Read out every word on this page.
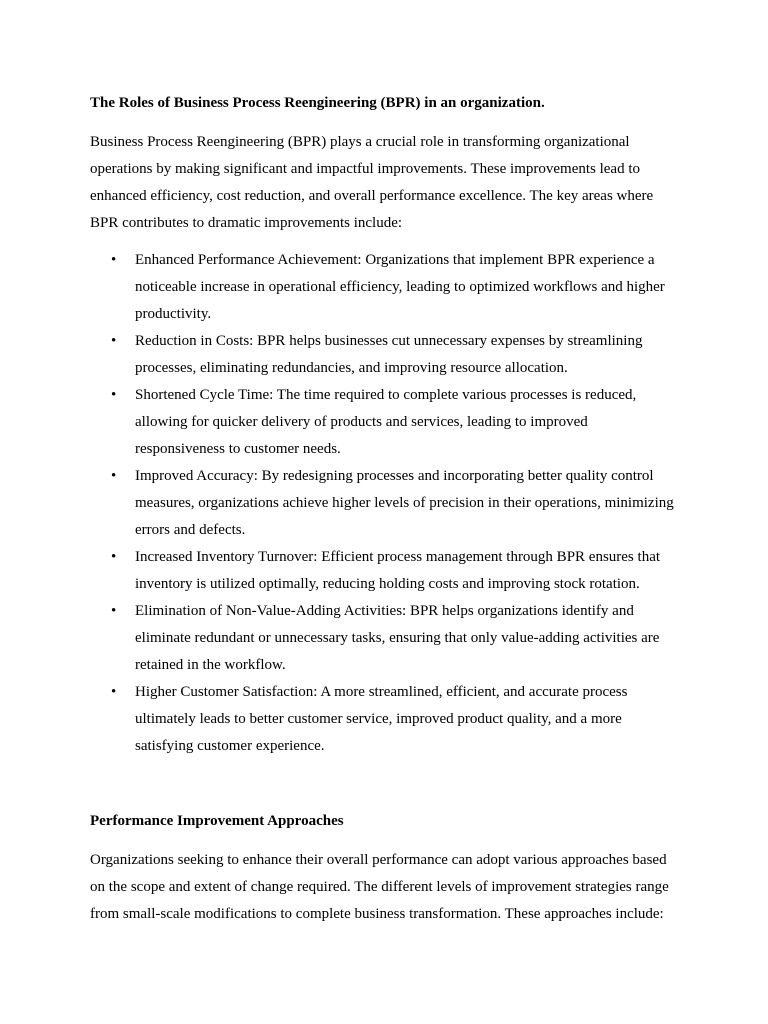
The Roles of Business Process Reengineering (BPR) in an organization.

Business Process Reengineering (BPR) plays a crucial role in transforming organizational operations by making significant and impactful improvements. These improvements lead to enhanced efficiency, cost reduction, and overall performance excellence. The key areas where BPR contributes to dramatic improvements include:

• Enhanced Performance Achievement: Organizations that implement BPR experience a noticeable increase in operational efficiency, leading to optimized workflows and higher productivity.
• Reduction in Costs: BPR helps businesses cut unnecessary expenses by streamlining processes, eliminating redundancies, and improving resource allocation.
• Shortened Cycle Time: The time required to complete various processes is reduced, allowing for quicker delivery of products and services, leading to improved responsiveness to customer needs.
• Improved Accuracy: By redesigning processes and incorporating better quality control measures, organizations achieve higher levels of precision in their operations, minimizing errors and defects.
• Increased Inventory Turnover: Efficient process management through BPR ensures that inventory is utilized optimally, reducing holding costs and improving stock rotation.
• Elimination of Non-Value-Adding Activities: BPR helps organizations identify and eliminate redundant or unnecessary tasks, ensuring that only value-adding activities are retained in the workflow.
• Higher Customer Satisfaction: A more streamlined, efficient, and accurate process ultimately leads to better customer service, improved product quality, and a more satisfying customer experience.

Performance Improvement Approaches

Organizations seeking to enhance their overall performance can adopt various approaches based on the scope and extent of change required. The different levels of improvement strategies range from small-scale modifications to complete business transformation. These approaches include:
